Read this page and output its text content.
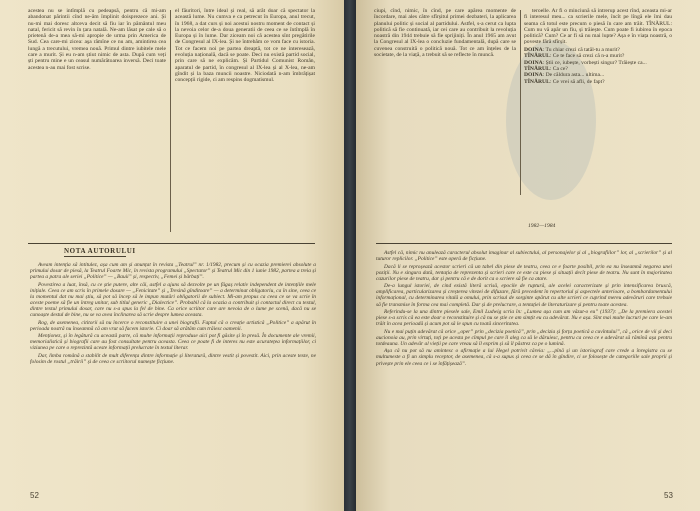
acestea nu se intîmplă cu pedeapsă, pentru că mi-am abandonat părintii cînd ne-ăm împlinit doisprezece ani. Și nu-mi mai doresc altceva decit să fiu iar în pământul meu natal, fericit să revin în țara natală. Ne-am lăsat pe cale să o prietenă de-a mea să-mi apropie de urma prin America de Sud. Cea care-mi zicea: aşa rămîne ce nu am, amintirea cea lungă a trecutului, vremea nouă. Primul dintre iubitele mele care a murit. Și eu n-am știut nimic de asta. După cum veți ști pentru mine e un ceasul numărătoarea inversă. Deci toate acestea n-au mai fost scrise.
el făuritori, între ideal și real, să arăt doar că spectator la această lume. Nu cumva e ca petrecut în Europa, anul trecut, în 1968, a dat curs și noi acestui nostru moment de contact și la nevoia celor de-a doua generatii de ceea ce se întîmplă în Europa și în lume. Dar ziceam noi că acestea sînt pregătirile de Congresul al IX-lea. Și ne întrebăm ce vom face cu istoria. Tot ce facem noi pe partea dreaptă, tot ce ne interesează, evoluția națională, dacă se poate. Deci nu există partid social, prin care să ne explicăm. Și Partidul Comunist Român, aparatul de partid, în congresul al IX-lea și al X-lea, ne-am gîndit și la baza muncii noastre. Niciodată n-am îmbrățișat concepții rigide, ci am respins dogmatismul.
NOTA AUTORULUI

Aveam intenția să intitulez, așa cum am și anunțat în revista „Teatrul” nr. 1/1982, precum și cu ocazia premierei absolute a primului dosar de piesă, la Teatrul Foarte Mic, în revista programului „Spectator” și Teatrul Mic din 1 iunie 1982, partea a treia și partea a patra ale seriei „Politice” — „Bauii” și, respectiv, „Femei și bărbați”.

Povestirea a luat, însă, cu ce știe putere, alte căi, astfel a ajuns să dezvolte pe un făgaș relativ independent de intențiile mele inițiale. Ceea ce am scris în primele dosare — „Fenicitate” și „Tresină gînditoare” — a determinat obligatoriu, ca în sine, ceea ce la momentul dat nu mai știu, să pot să încep să le impun mutări obligatorii de subiect. Mi-am propus ca ceea ce se va scrie în aceste poeme să fie un întreg unitar, sub titlul generic „Dialectice”. Probabil că la ocazia a contribuit și contactul direct cu textul, dintre textul primului dosar, care nu s-a spus la fel de bine. Ca orice scriitor care are nevoia de o lume pe scenă, dacă nu se cunoaște destul de bine, nu se va avea înclinarea să scrie despre lumea aceasta.

Rog, de asemenea, cititorii să nu încerce o reconstituire a unei biografii. Faptul că o creație artistică „Politice” a apărut în perioada nostră nu înseamnă că am vrut să facem istorie. Ci doar să arătăm cum trăiesc oamenii.

Menționez, și în legătură cu această parte, că multe informații reproduse aici pot fi găsite și în presă. În documente ale vremii, memorialistică și biografii care au fost consultate pentru aceasta. Ceea ce poate fi de interes nu este acuratețea informațiilor, ci viziunea pe care o reprezintă aceste informații prelucrate în textul literar.

Dar, limba română a stabilit de mult diferența dintre informație și literatură, dintre vestit și povestit. Aici, prin aceste texte, ne folosim de rostul „trăirii” și de ceea ce scriitorul numește ficțiune.

52
ciupi, cînd, nimic, în cînd, pe care apărea momente de încordare, mai ales către sfîrșitul primei dezbateri, la aplicarea planului politic și social al partidului. Astfel, s-a cerut ca lupta politică să fie continuată, iar cei care au contribuit la revoluția noastră din 1944 trebuie să fie sprijiniți. În anul 1965 am avut la Congresul al IX-lea o concluzie fundamentală, după care se cuvenea construită o politică nouă. Tot ce am înțeles de la societate, de la viață, a trebuit să se reflecte în muncă.

teroelle. Ar fi o minciună să intrerup acest rînd, aceasta mi-ar fi interesul meu... ca scrierile mele, încît pe lîngă ele îmi dau seama că totul este precum o piesă în care am trăit. TÎNĂRUL: Cum nu vă apăr un fiu, și trăiește. Cum poate fi iubirea în epoca politică? Cum? Ce ar fi să nu mai lupte? Așa e în viața noastră, o poveste fără sfîrșit.

DOINA: Tu chiar crezi că tatăl-tu a murit?
TÎNĂRUL: Ce te face să crezi că n-a murit?
DOINA: Știi ce, iubește, vorbești singur? Trăiește ca...
TÎNĂRUL: Ca ce?
DOINA: De căldura asta... ultima...
TÎNĂRUL: Ce vrei să afli, de fapt?
1982—1984

Astfel că, nimic nu anulează caracterul absolut imaginar al subiectului, al personajelor și al „biografiilor” lor, al „scrierilor” și al tuturor replicilor. „Politice” este operă de ficțiune.

Dacă li se reproșează acestor scrieri că un tabel din piese de teatru, ceea ce e foarte posibil, prin ea nu înseamnă negarea unei poziții. Nu e singura dată, tentația de reprezenta și scrieri care ce este ca piese și situații decît piese de teatru. Nu sunt în majoritatea cazurilor piese de teatru, dar și pentru că e de dorit ca o scriere să fie ca atare.

De-a lungul istoriei, de cind există literă scrisă, epocile de ruptură, ale acelei caracterizate și prin intensificarea bruscă, amplificarea, particularizarea și creșterea vitezei de difuzare, fără precedent în repertoriul și aspectele anterioare, a bombardamentului informațional, cu determinarea vitală a omului, prin scrisul de sorginte apărut cu alte scrieri ce cuprind mereu adevăruri care trebuie să fie transmise în forma cea mai completă. Dar și de prelucrare, a tentației de literaturizare și pentru toate acestea.

Referindu-se la una dintre piesele sale, Emil Ludwig scria în: „Lumea așa cum am văzut-o eu” (1937): „De la premiera acestei piese s-a scris că ea este doar o reconstituire și că nu se știe ce am simțit eu cu adevărat. Nu e așa. Sînt mai multe lucruri pe care le-am trăit în acea perioadă și acum pot să le spun cu toată sinceritatea.

Nu e mai puțin adevărat că orice „oper” prin „decizia poetică”, prin „decizia și forța poetică a cuvîntului”, că „orice de vii și deci aucionoia au, prin virtuți, toți pe acesta pe cîmpul pe care îl aleg ca să le dăruiesc, pentru ca ceea ce e adevărat să rămînă așa pentru totdeauna. Un adevăr al vieții pe care vreau să îl exprim și să îl păstrez ca pe o lumină.

Așa că nu pot să nu amintesc o afirmație a lui Hegel potrivit căreia: „...pînă și un istoriograf care crede a înregistra cu se multumeste a fi un simplu receptor, de asemenea, că s-a supus și ceea ce se dă în gîndire, ci se folosește de categoriile sale proprii și privește prin ele ceea ce i se înfățișează”.

53
